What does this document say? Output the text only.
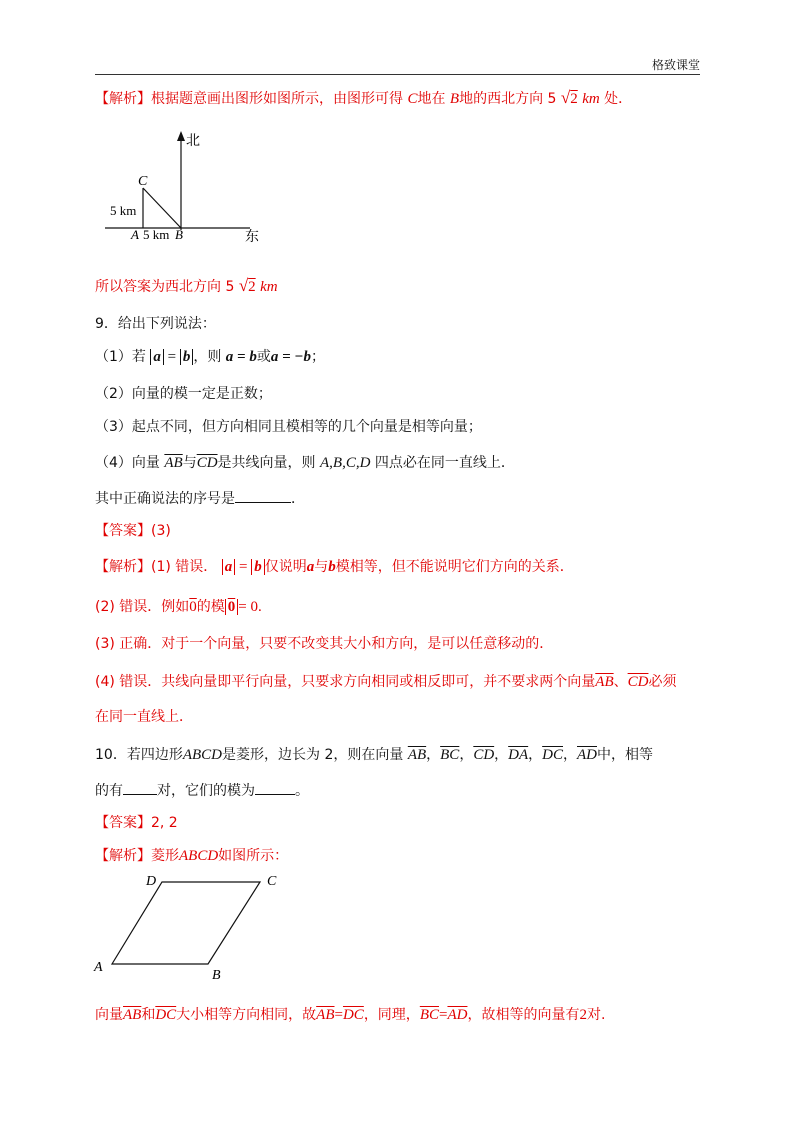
格致课堂
【解析】根据题意画出图形如图所示，由图形可得 C地在 B地的西北方向 5 √2 km 处．
北
东
C
5 km
A 5 km B
所以答案为西北方向 5 √2 km
9．给出下列说法：
（1）若 a = b ，则 a = b或a = −b；
（2）向量的模一定是正数；
（3）起点不同，但方向相同且模相等的几个向量是相等向量；
（4）向量 $\overline{AB}$与$\overline{CD}$是共线向量，则 A,B,C,D 四点必在同一直线上．
其中正确说法的序号是	．
【答案】(3)
【解析】(1) 错误． a = b 仅说明a与b模相等，但不能说明它们方向的关系．
(2) 错误．例如0的模 0 = 0.
(3) 正确．对于一个向量，只要不改变其大小和方向，是可以任意移动的．
(4) 错误．共线向量即平行向量，只要求方向相同或相反即可，并不要求两个向量$\overline{AB}$、$\overline{CD}$必须
在同一直线上．
10．若四边形ABCD是菱形，边长为 2，则在向量 $\overline{AB}$，$\overline{BC}$，$\overline{CD}$，$\overline{DA}$，$\overline{DC}$，$\overline{AD}$中，相等
的有 对，它们的模为	。
【答案】2, 2
【解析】菱形ABCD如图所示：
A
B
C
D
向量$\overline{AB}$和$\overline{DC}$大小相等方向相同，故$\overline{AB}=\overline{DC}$，同理，$\overline{BC}=\overline{AD}$，故相等的向量有2对.
